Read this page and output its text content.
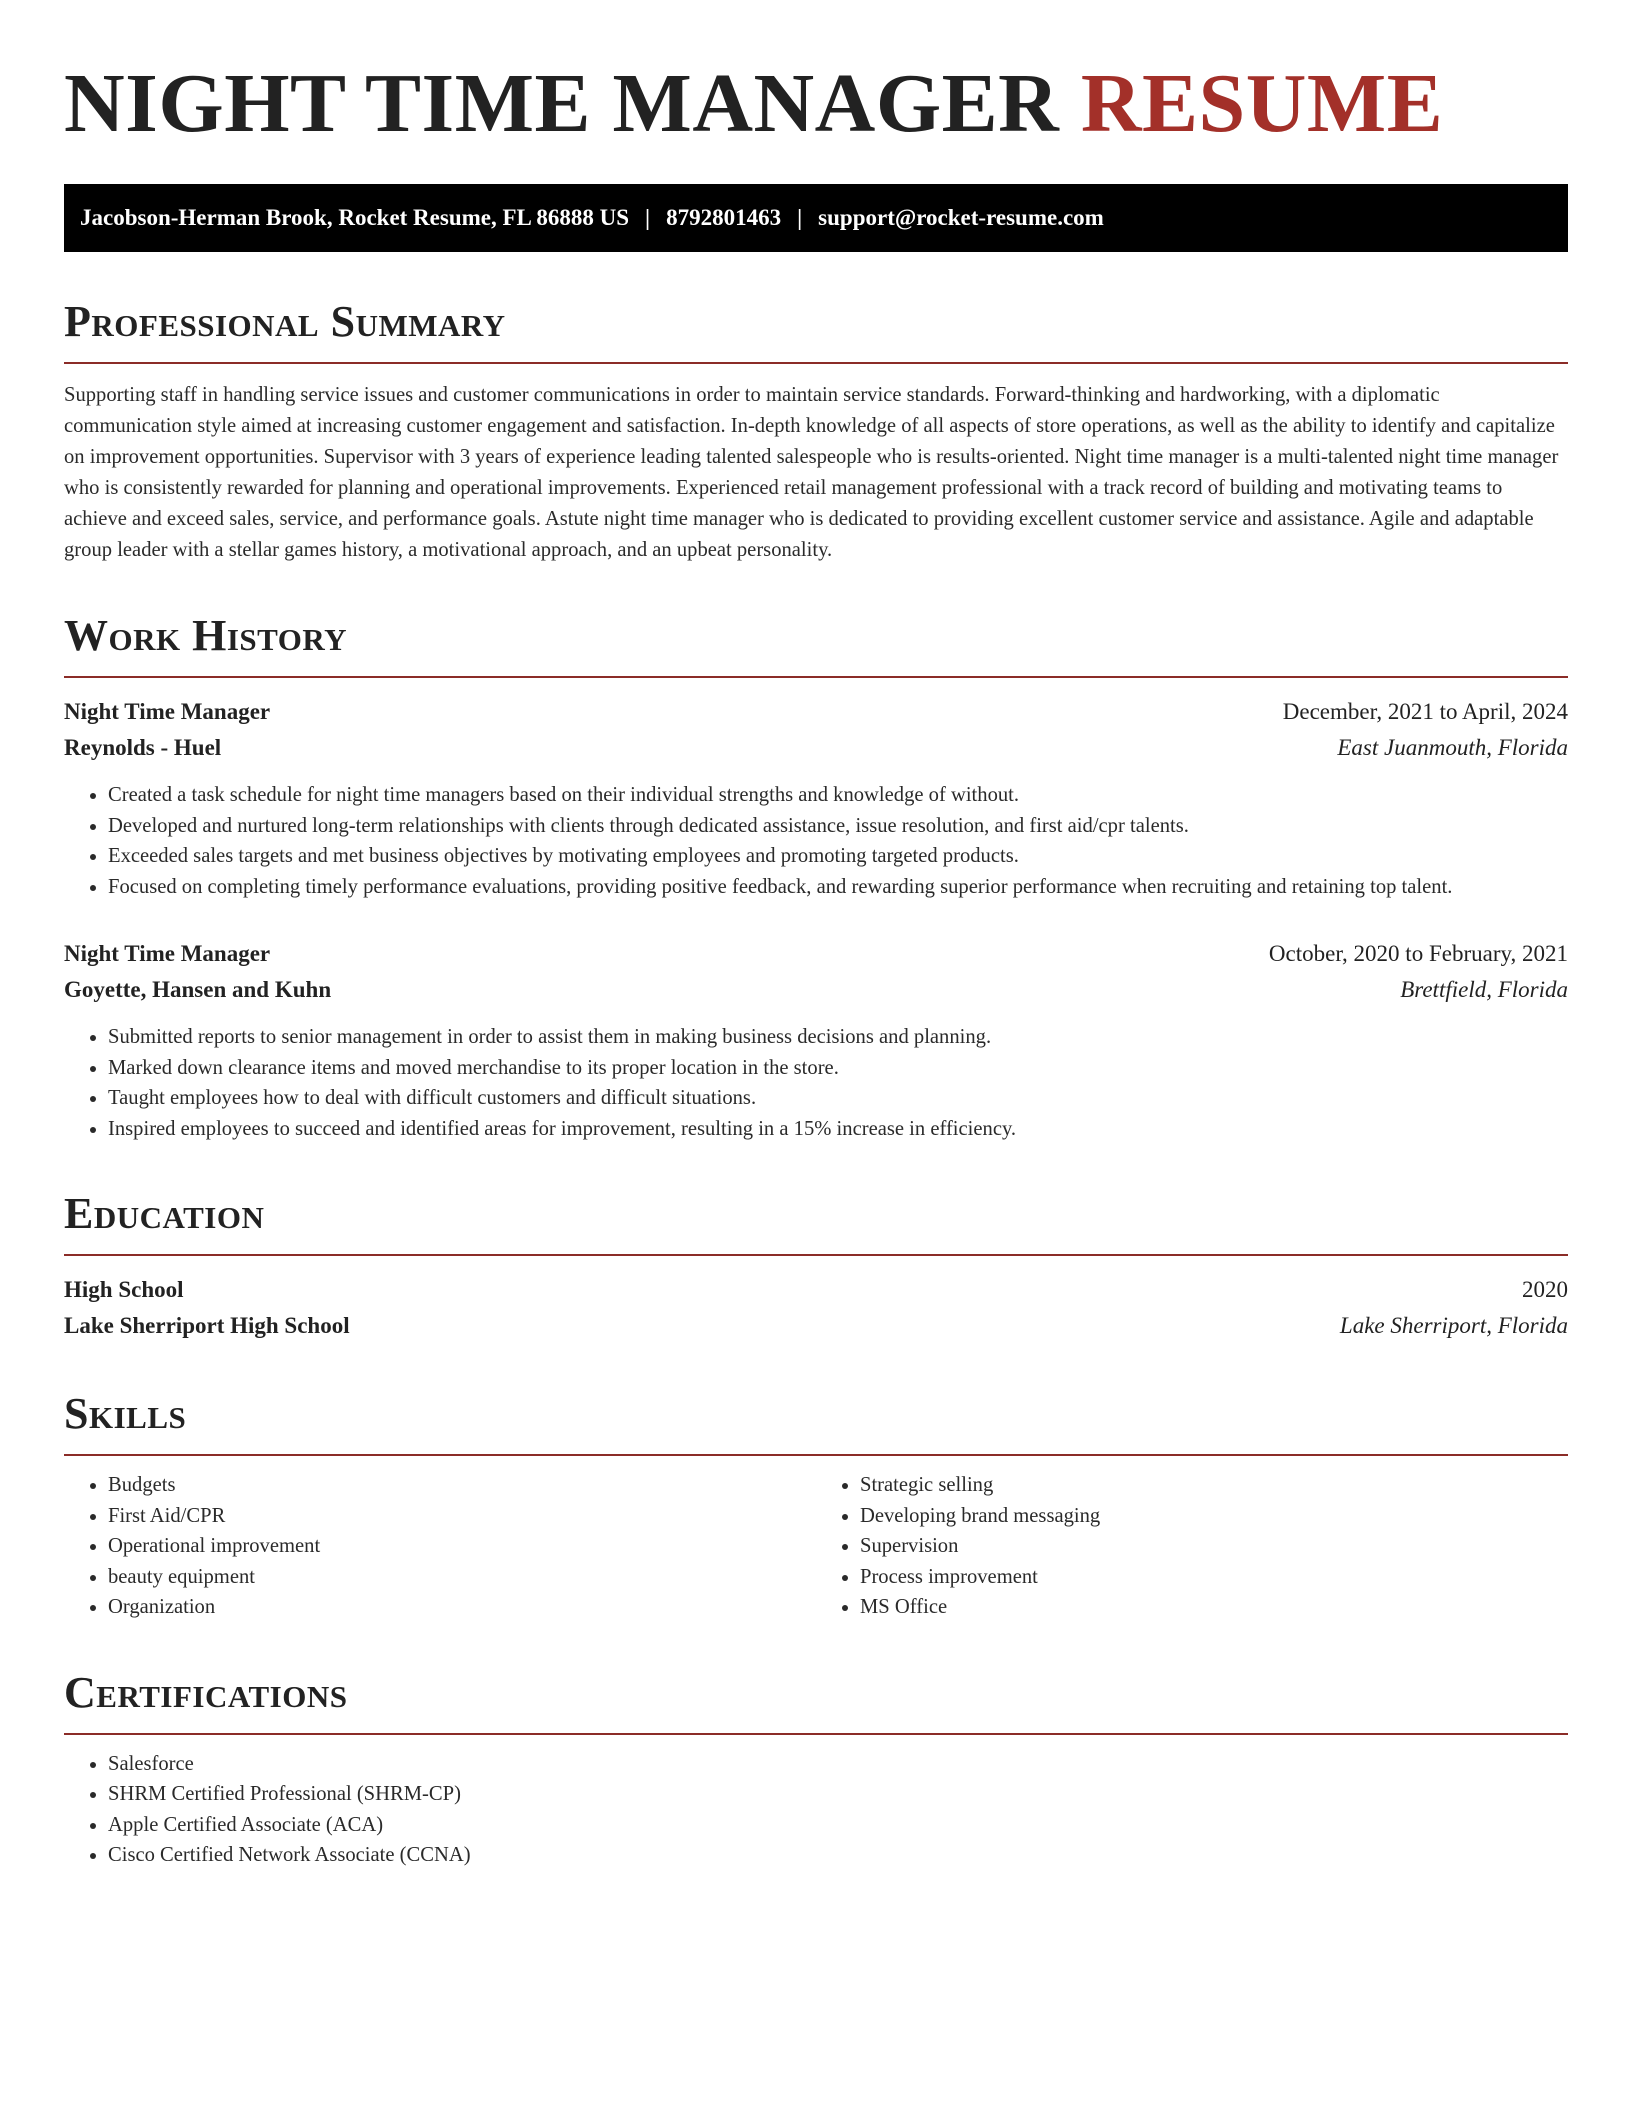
NIGHT TIME MANAGER RESUME
Jacobson-Herman Brook, Rocket Resume, FL 86888 US | 8792801463 | support@rocket-resume.com
Professional Summary

Supporting staff in handling service issues and customer communications in order to maintain service standards. Forward-thinking and hardworking, with a diplomatic communication style aimed at increasing customer engagement and satisfaction. In-depth knowledge of all aspects of store operations, as well as the ability to identify and capitalize on improvement opportunities. Supervisor with 3 years of experience leading talented salespeople who is results-oriented. Night time manager is a multi-talented night time manager who is consistently rewarded for planning and operational improvements. Experienced retail management professional with a track record of building and motivating teams to achieve and exceed sales, service, and performance goals. Astute night time manager who is dedicated to providing excellent customer service and assistance. Agile and adaptable group leader with a stellar games history, a motivational approach, and an upbeat personality.

Work History
Night Time Manager	December, 2021 to April, 2024
Reynolds - Huel	East Juanmouth, Florida
• Created a task schedule for night time managers based on their individual strengths and knowledge of without.
• Developed and nurtured long-term relationships with clients through dedicated assistance, issue resolution, and first aid/cpr talents.
• Exceeded sales targets and met business objectives by motivating employees and promoting targeted products.
• Focused on completing timely performance evaluations, providing positive feedback, and rewarding superior performance when recruiting and retaining top talent.
Night Time Manager	October, 2020 to February, 2021
Goyette, Hansen and Kuhn	Brettfield, Florida
• Submitted reports to senior management in order to assist them in making business decisions and planning.
• Marked down clearance items and moved merchandise to its proper location in the store.
• Taught employees how to deal with difficult customers and difficult situations.
• Inspired employees to succeed and identified areas for improvement, resulting in a 15% increase in efficiency.
Education
High School	2020
Lake Sherriport High School	Lake Sherriport, Florida
Skills
• Budgets
• First Aid/CPR
• Operational improvement
• beauty equipment
• Organization
• Strategic selling
• Developing brand messaging
• Supervision
• Process improvement
• MS Office
Certifications
• Salesforce
• SHRM Certified Professional (SHRM-CP)
• Apple Certified Associate (ACA)
• Cisco Certified Network Associate (CCNA)
